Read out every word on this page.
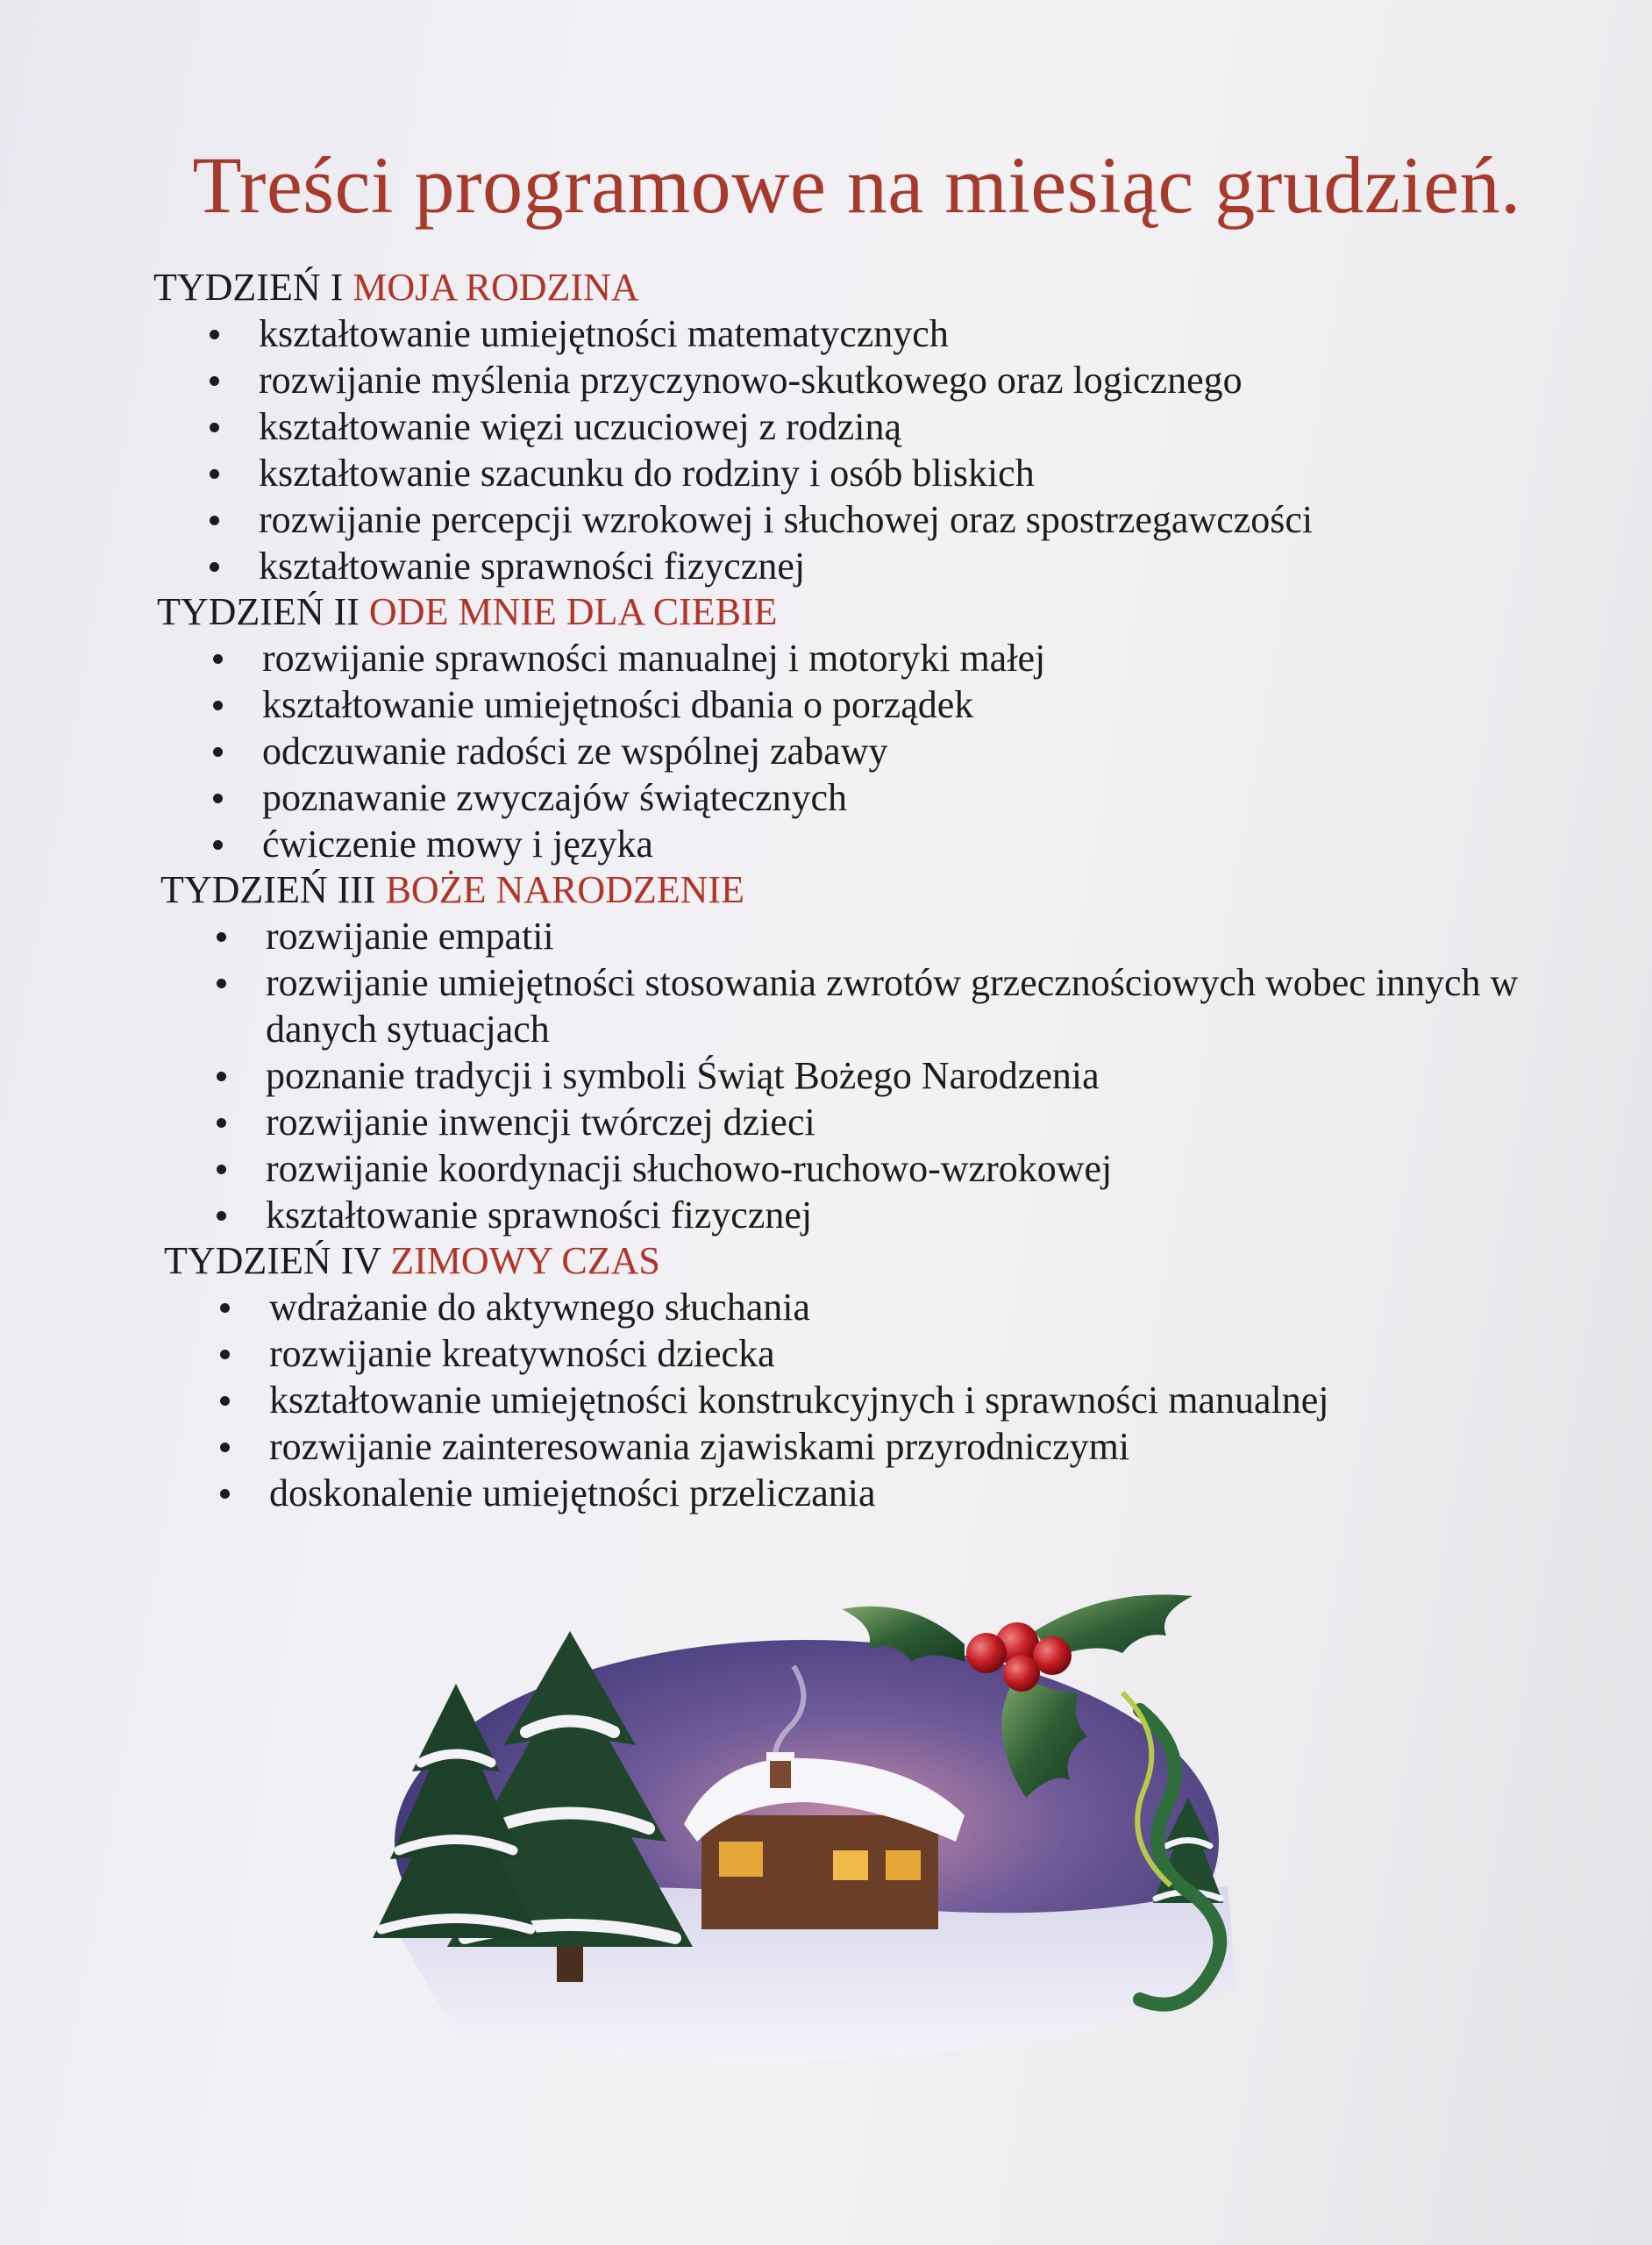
Treści programowe na miesiąc grudzień.
TYDZIEŃ I MOJA RODZINA
kształtowanie umiejętności matematycznych
rozwijanie myślenia przyczynowo-skutkowego oraz logicznego
kształtowanie więzi uczuciowej z rodziną
kształtowanie szacunku do rodziny i osób bliskich
rozwijanie percepcji wzrokowej i słuchowej oraz spostrzegawczości
kształtowanie sprawności fizycznej
TYDZIEŃ II ODE MNIE DLA CIEBIE
rozwijanie sprawności manualnej i motoryki małej
kształtowanie umiejętności dbania o porządek
odczuwanie radości ze wspólnej zabawy
poznawanie zwyczajów świątecznych
ćwiczenie mowy i języka
TYDZIEŃ III BOŻE NARODZENIE
rozwijanie empatii
rozwijanie umiejętności stosowania zwrotów grzecznościowych wobec innych w danych sytuacjach
poznanie tradycji i symboli Świąt Bożego Narodzenia
rozwijanie inwencji twórczej dzieci
rozwijanie koordynacji słuchowo-ruchowo-wzrokowej
kształtowanie sprawności fizycznej
TYDZIEŃ IV ZIMOWY CZAS
wdrażanie do aktywnego słuchania
rozwijanie kreatywności dziecka
kształtowanie umiejętności konstrukcyjnych i sprawności manualnej
rozwijanie zainteresowania zjawiskami przyrodniczymi
doskonalenie umiejętności przeliczania
